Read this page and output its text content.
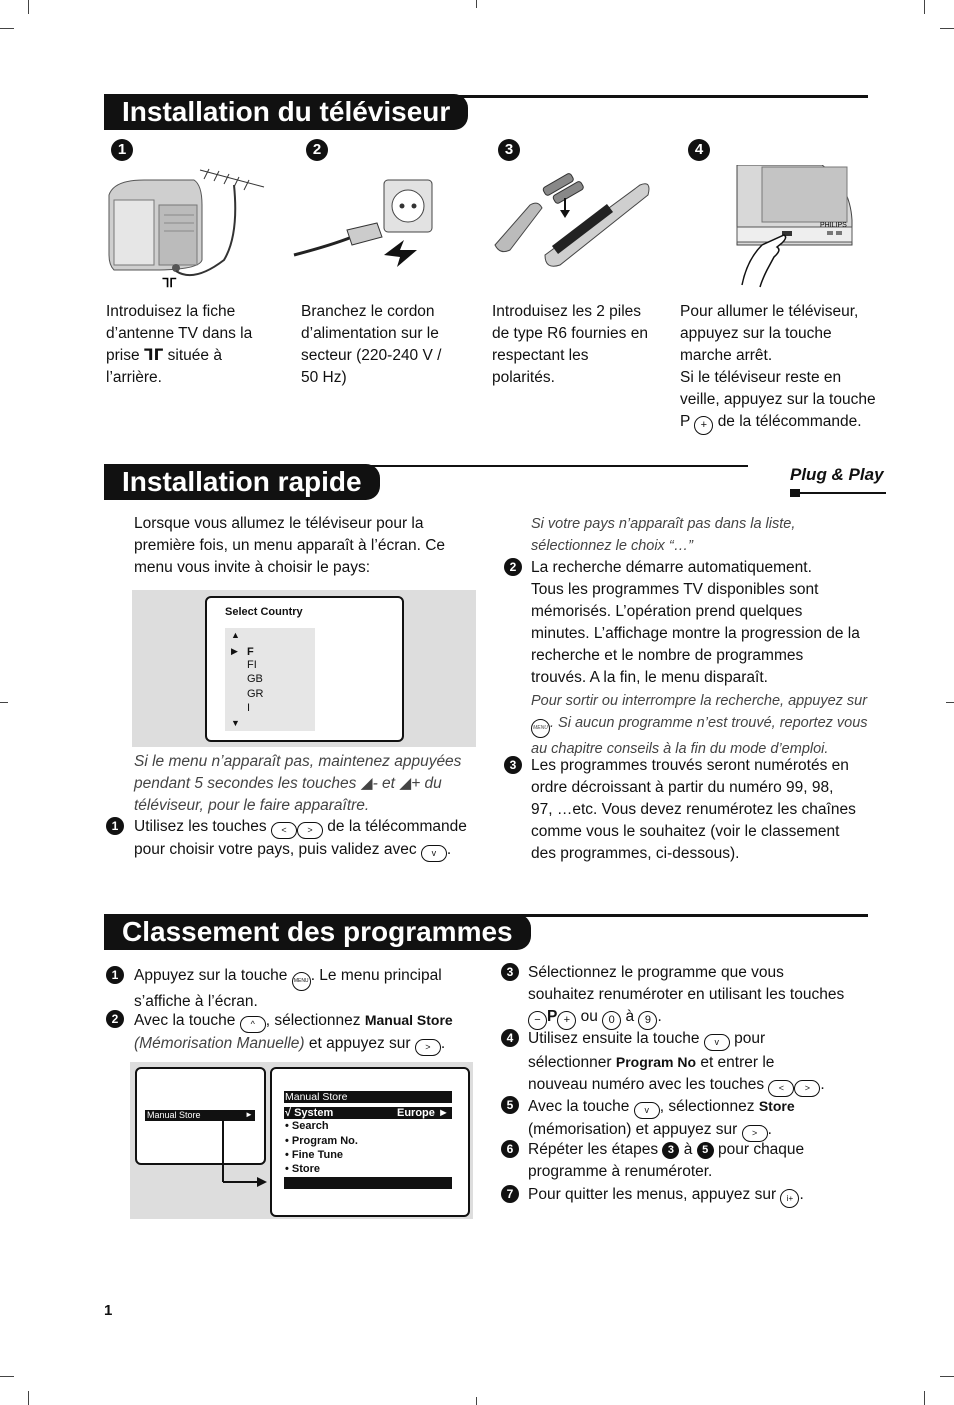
Installation du téléviseur
1	2	3	4
ᒣᒥ
PHILIPS
Introduisez la fiche
d’antenne TV dans la
prise ᒣᒥ située à
l’arrière.
Branchez le cordon
d’alimentation sur le
secteur (220-240 V /
50 Hz)
Introduisez les 2 piles
de type R6 fournies en
respectant les
polarités.
Pour allumer le téléviseur,
appuyez sur la touche
marche arrêt.
Si le téléviseur reste en
veille, appuyez sur la touche
P + de la télécommande.
Installation rapide	Plug & Play
Lorsque vous allumez le téléviseur pour la
première fois, un menu apparaît à l’écran. Ce
menu vous invite à choisir le pays:
Select Country
▲
▶ F
FI
GB
GR
I
▼
Si le menu n’apparaît pas, maintenez appuyées
pendant 5 secondes les touches ◢- et ◢+ du
téléviseur, pour le faire apparaître.
1	Utilisez les touches < > de la télécommande
pour choisir votre pays, puis validez avec v .
Si votre pays n’apparaît pas dans la liste,
sélectionnez le choix “…”
2 La recherche démarre automatiquement.
Tous les programmes TV disponibles sont
mémorisés. L’opération prend quelques
minutes. L’affichage montre la progression de la
recherche et le nombre de programmes
trouvés. A la fin, le menu disparaît.
Pour sortir ou interrompre la recherche, appuyez sur
MENU . Si aucun programme n’est trouvé, reportez vous
au chapitre conseils à la fin du mode d’emploi.
3 Les programmes trouvés seront numérotés en
ordre décroissant à partir du numéro 99, 98,
97, …etc. Vous devez renumérotez les chaînes
comme vous le souhaitez (voir le classement
des programmes, ci-dessous).
Classement des programmes
1	Appuyez sur la touche MENU . Le menu principal
s’affiche à l’écran.
2	Avec la touche ^ , sélectionnez Manual Store
(Mémorisation Manuelle) et appuyez sur > .
Manual Store	►
Manual Store
√ System	Europe ►
• Search
• Program No.
• Fine Tune
• Store
3 Sélectionnez le programme que vous
souhaitez renuméroter en utilisant les touches
− P + ou 0 à 9 .
4 Utilisez ensuite la touche v pour
sélectionner Program No et entrer le
nouveau numéro avec les touches < > .
5 Avec la touche v , sélectionnez Store
(mémorisation) et appuyez sur > .
6 Répéter les étapes 3 à 5 pour chaque
programme à renuméroter.
7 Pour quitter les menus, appuyez sur i+ .
1
